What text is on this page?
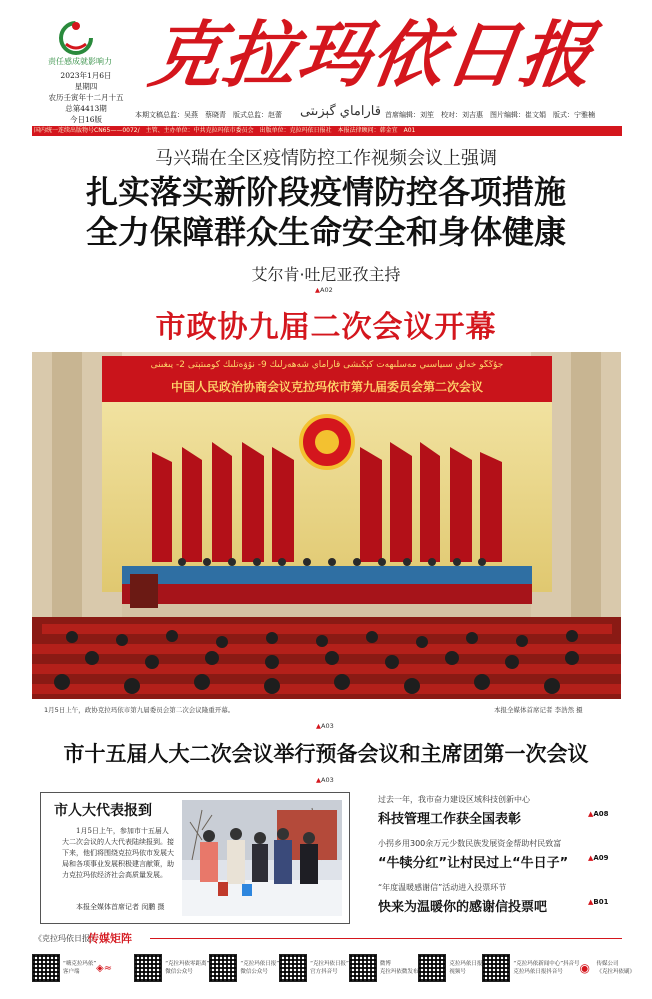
责任感成就影响力
2023年1月6日
星期四
农历壬寅年十二月十五
总第4413期
今日16版
克拉玛依日报
قاراماي گېزىتى
本期文稿总监：吴燕　蔡晓青　版式总监：赵蕾	首席编辑：刘笙　校对：刘吉惠　图片编辑：崔文娟　版式：宁雅楠
国内统一连续出版物号CN65——0072/　主管、主办单位：中共克拉玛依市委员会　出版单位：克拉玛依日报社　本报法律顾问：韩金宜　A01
马兴瑞在全区疫情防控工作视频会议上强调
扎实落实新阶段疫情防控各项措施
全力保障群众生命安全和身体健康
艾尔肯·吐尼亚孜主持
▲A02
市政协九届二次会议开幕
جۇڭگو خەلق سىياسىي مەسلىھەت كېڭىشى قاراماي شەھەرلىك 9- نۆۋەتلىك كومىتېتى 2- يىغىنى
中国人民政治协商会议克拉玛依市第九届委员会第二次会议
1月5日上午，政协克拉玛依市第九届委员会第二次会议隆重开幕。	本报全媒体首席记者 李浩然 摄
▲A03
市十五届人大二次会议举行预备会议和主席团第一次会议
▲A03
市人大代表报到
1月5日上午，参加市十五届人大二次会议的人大代表陆续报到。接下来，他们将围绕克拉玛依市发展大局和各项事业发展积极建言献策，助力克拉玛依经济社会高质量发展。
本报全媒体首席记者 闵鹏 摄
过去一年，我市奋力建设区域科技创新中心
科技管理工作获全国表彰	▲A08
小拐乡用300余万元少数民族发展资金帮助村民致富
“牛犊分红”让村民过上“牛日子”	▲A09
“年度温暖感谢信”活动进入投票环节
快来为温暖你的感谢信投票吧	▲B01
《克拉玛依日报》
传媒矩阵
“嗨克拉玛依”
客户端	◈≈	“克拉玛依零距离”
微信公众号
“克拉玛依日报”
微信公众号
“克拉玛依日报”
官方抖音号
微博
克拉玛依微发布
克拉玛依日报
视频号
“克拉玛依新闻中心”抖音号
克拉玛依日报抖音号	◉	传媒公司
《克拉玛依刷》
